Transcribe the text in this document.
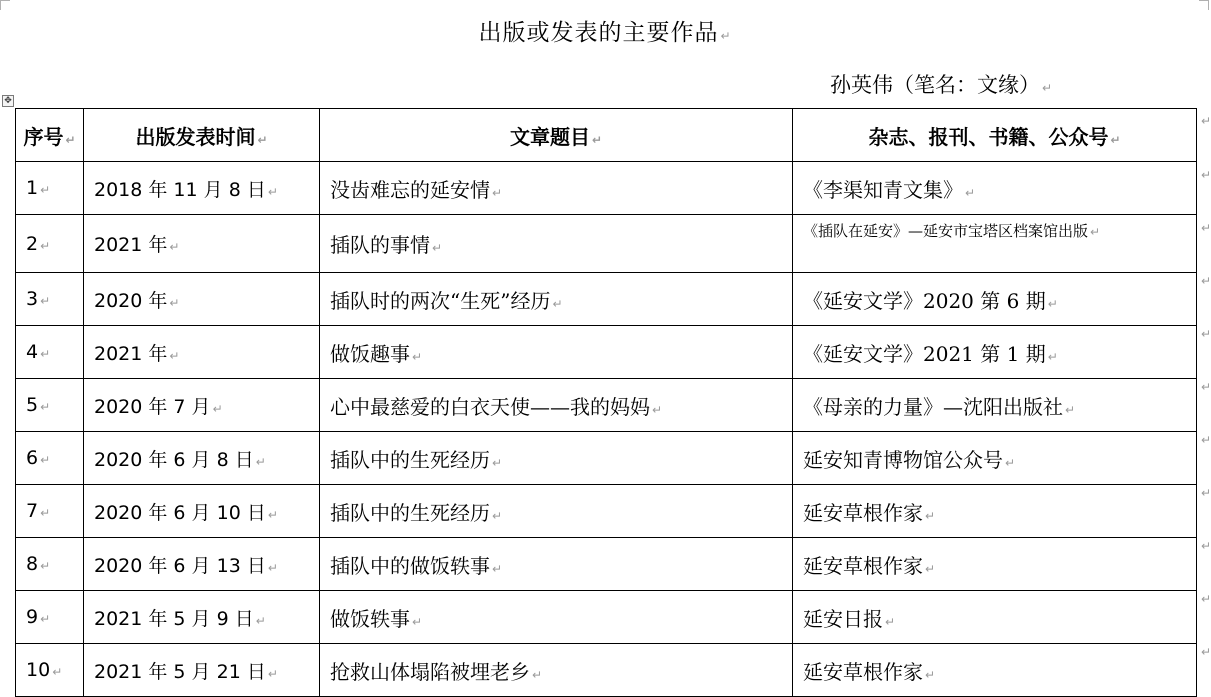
出版或发表的主要作品 ↵
孙英伟（笔名：文缘） ↵
✥
序号 ↵	出版发表时间 ↵	文章题目 ↵	杂志、报刊、书籍、公众号 ↵
1 ↵	2018 年 11 月 8 日 ↵	没齿难忘的延安情 ↵	《李渠知青文集》 ↵
2 ↵	2021 年 ↵	插队的事情 ↵	《插队在延安》—延安市宝塔区档案馆出版 ↵
3 ↵	2020 年 ↵	插队时的两次“生死”经历 ↵	《延安文学》2020 第 6 期 ↵
4 ↵	2021 年 ↵	做饭趣事 ↵	《延安文学》2021 第 1 期 ↵
5 ↵	2020 年 7 月 ↵	心中最慈爱的白衣天使——我的妈妈 ↵	《母亲的力量》—沈阳出版社 ↵
6 ↵	2020 年 6 月 8 日 ↵	插队中的生死经历 ↵	延安知青博物馆公众号 ↵
7 ↵	2020 年 6 月 10 日 ↵	插队中的生死经历 ↵	延安草根作家 ↵
8 ↵	2020 年 6 月 13 日 ↵	插队中的做饭轶事 ↵	延安草根作家 ↵
9 ↵	2021 年 5 月 9 日 ↵	做饭轶事 ↵	延安日报 ↵
10 ↵	2021 年 5 月 21 日 ↵	抢救山体塌陷被埋老乡 ↵	延安草根作家 ↵
↵
↵
↵
↵
↵
↵
↵
↵
↵
↵
↵
